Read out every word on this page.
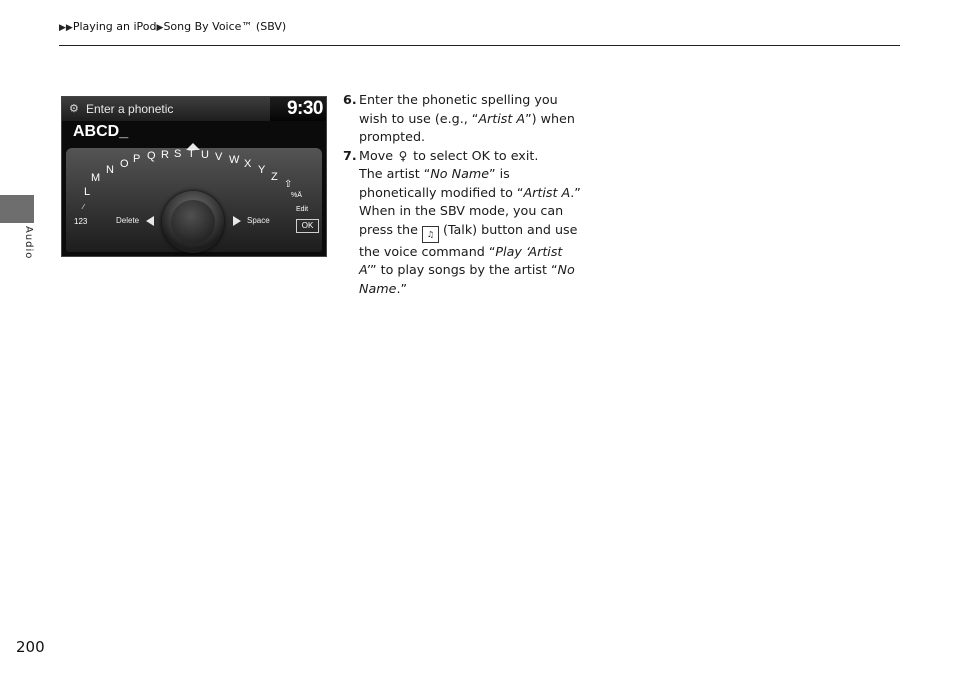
▶▶Playing an iPod▶Song By Voice™ (SBV)
Audio
200
⚙ Enter a phonetic	9:30
ABCD_
L
M
N O P Q R S T U V W X Y
Z
⇧
%Ä
⁄
123
Edit
Delete	Space
OK
6. Enter the phonetic spelling you wish to use (e.g., “Artist A”) when prompted.
7. Move ♀ to select OK to exit.
The artist “No Name” is phonetically modified to “Artist A.” When in the SBV mode, you can press the ♫ (Talk) button and use the voice command “Play ‘Artist A’” to play songs by the artist “No Name.”
